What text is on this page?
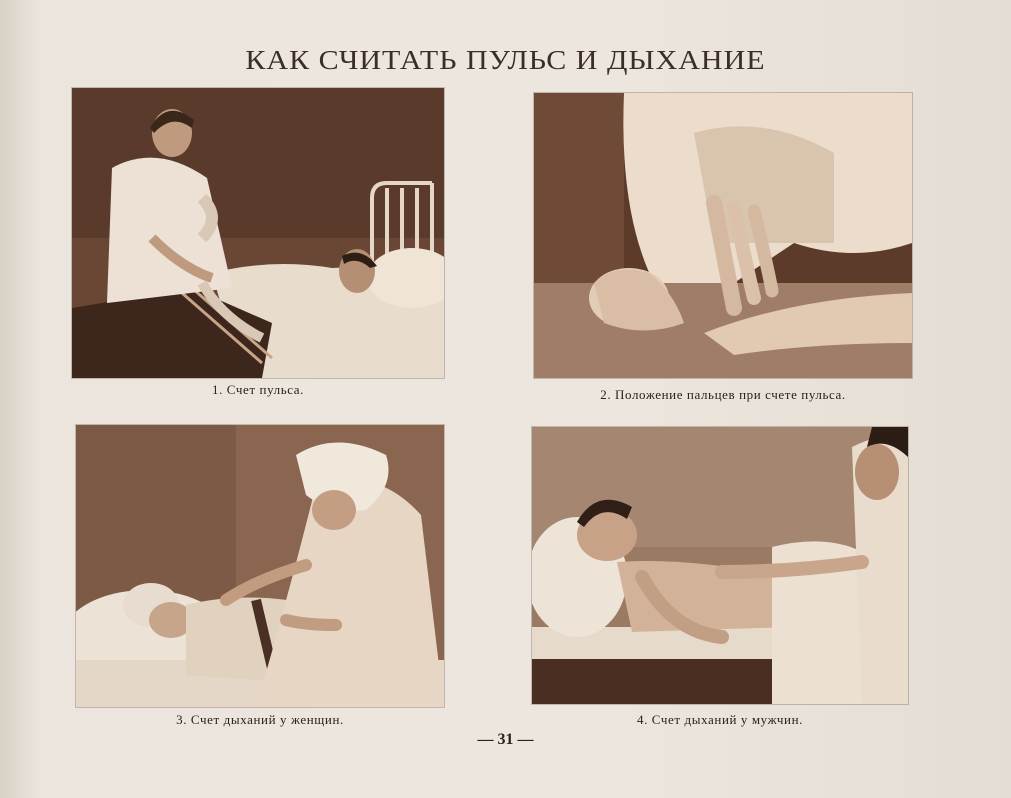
КАК СЧИТАТЬ ПУЛЬС И ДЫХАНИЕ
1. Счет пульса.	2. Положение пальцев при счете пульса.
3. Счет дыханий у женщин.	4. Счет дыханий у мужчин.
— 31 —
